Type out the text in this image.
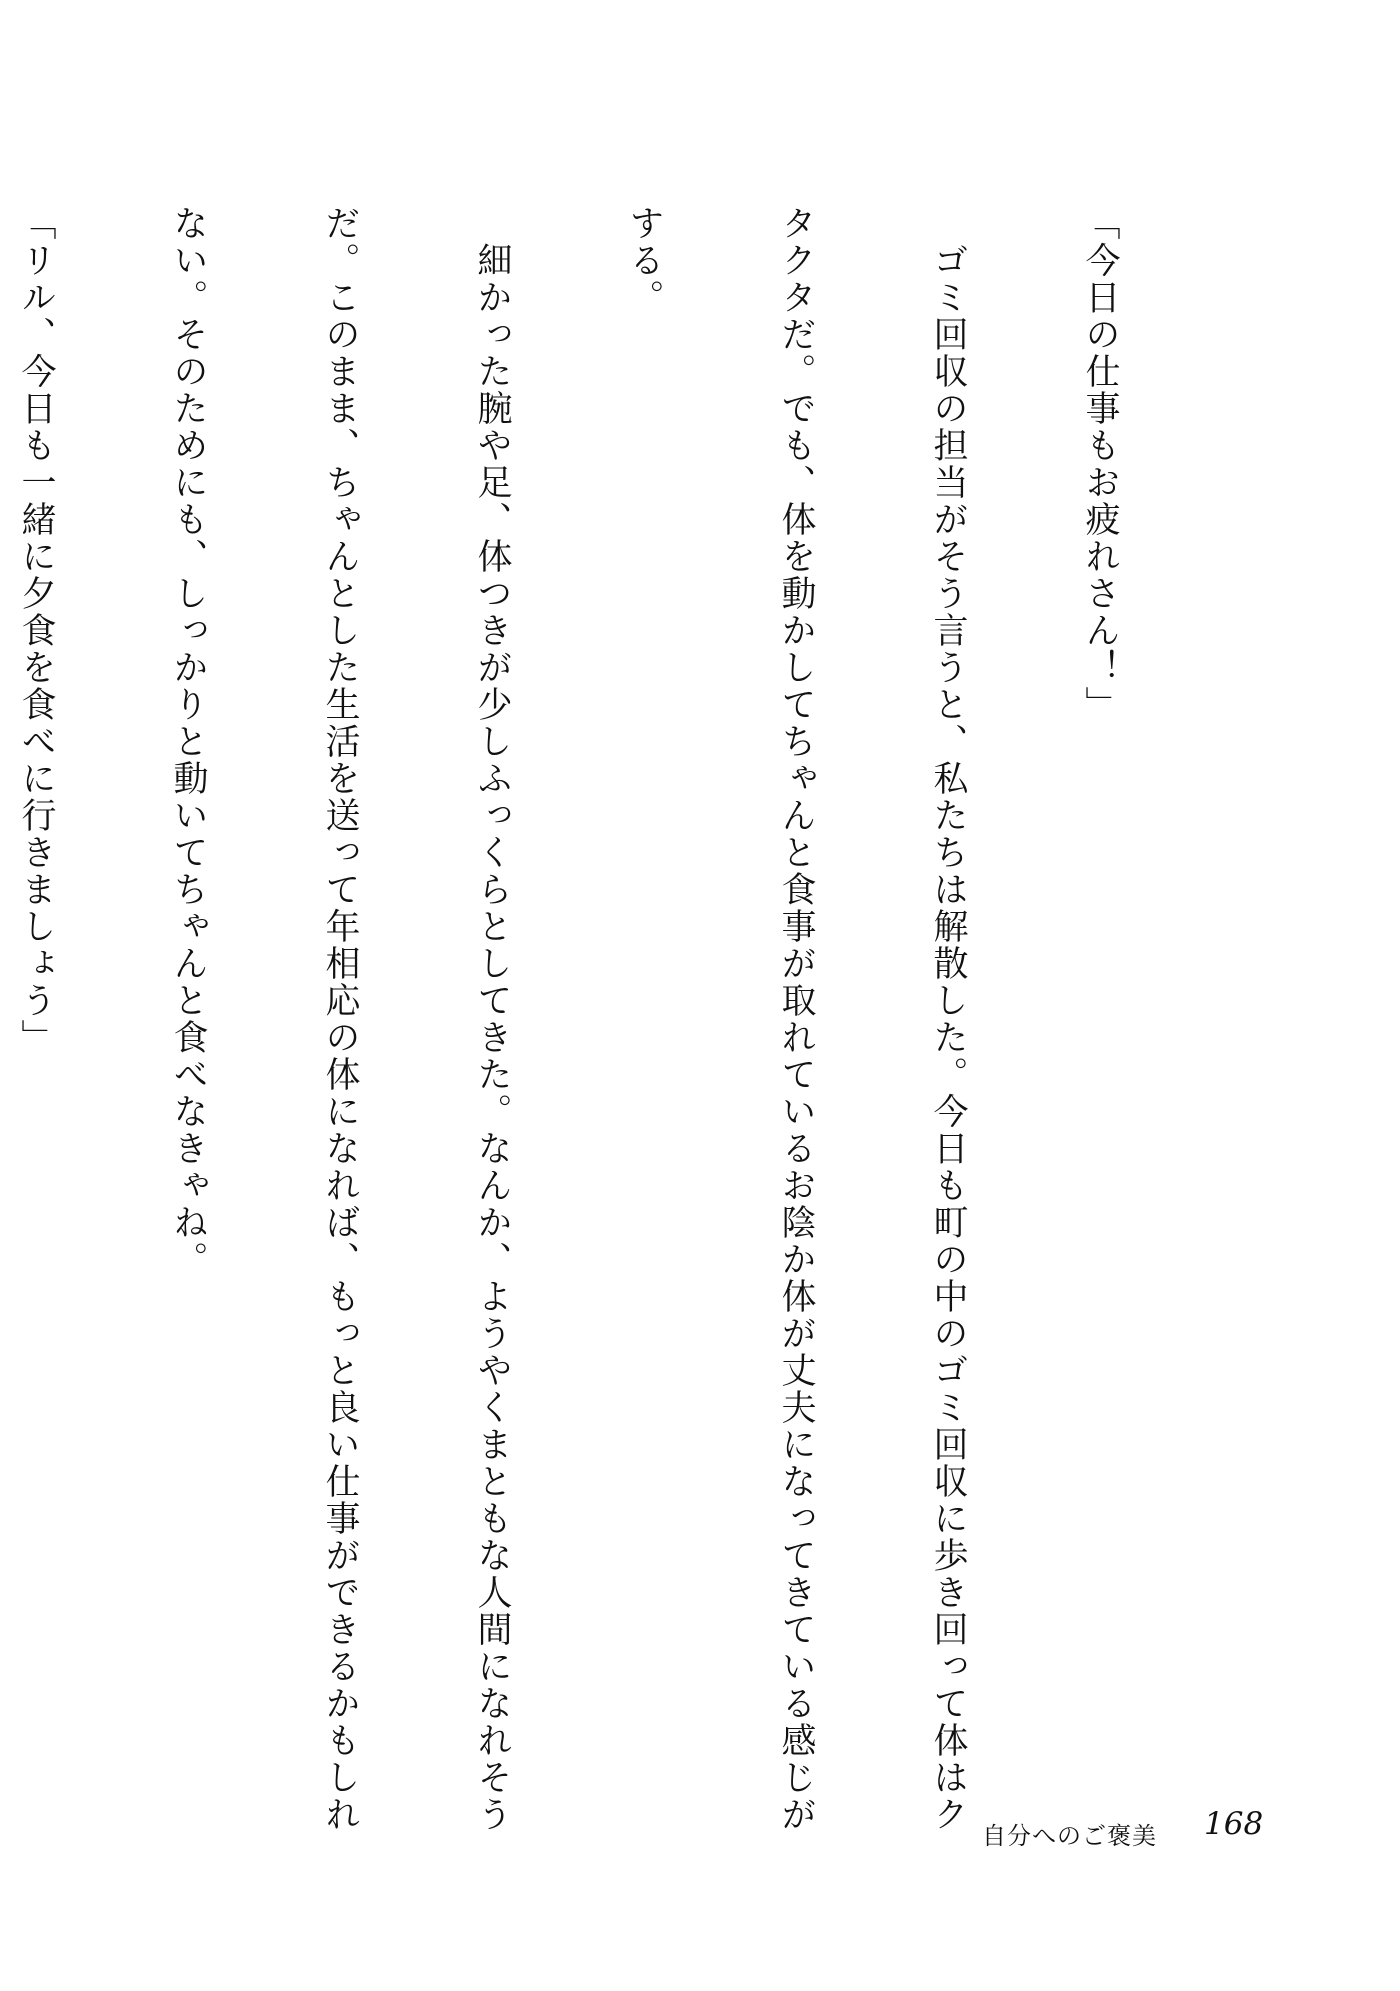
「今日の仕事もお疲れさん！」

　ゴミ回収の担当がそう言うと、私たちは解散した。今日も町の中のゴミ回収に歩き回って体はク

タクタだ。でも、体を動かしてちゃんと食事が取れているお陰か体が丈夫になってきている感じが

する。

　細かった腕や足、体つきが少しふっくらとしてきた。なんか、ようやくまともな人間になれそう

だ。このまま、ちゃんとした生活を送って年相応の体になれば、もっと良い仕事ができるかもしれ

ない。そのためにも、しっかりと動いてちゃんと食べなきゃね。

「リル、今日も一緒に夕食を食べに行きましょう」

自分へのご褒美 168
